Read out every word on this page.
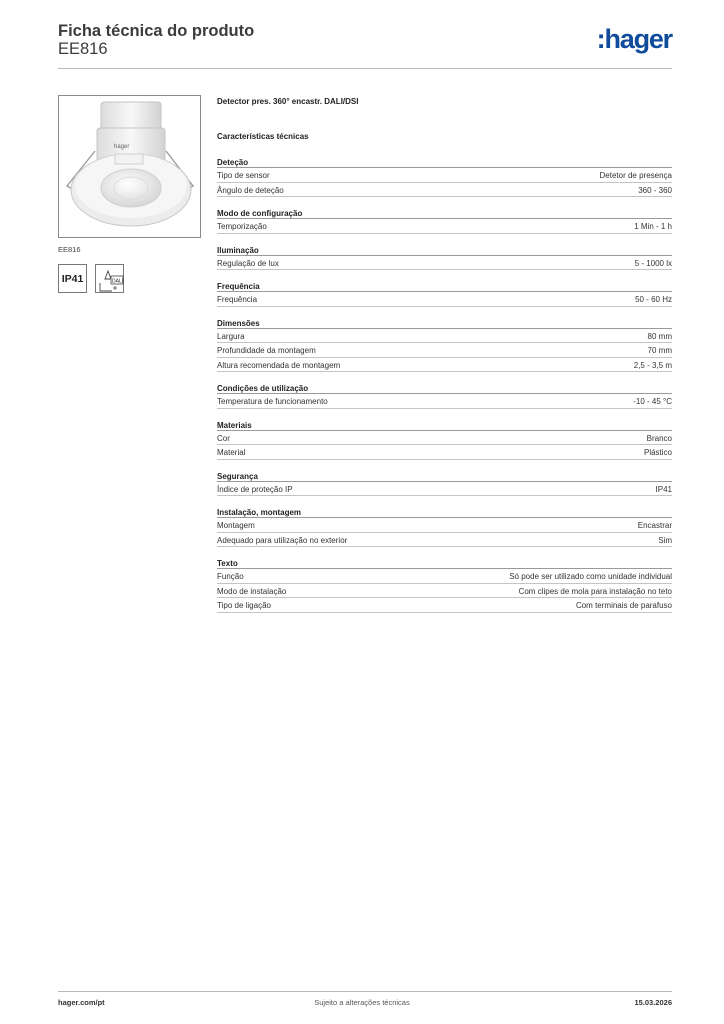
Ficha técnica do produto
EE816	:hager
hager
EE816
IP41	DALI
Detector pres. 360° encastr. DALI/DSI
Características técnicas
Deteção
Tipo de sensor	Detetor de presença
Ângulo de deteção	360 - 360
Modo de configuração
Temporização	1 Min - 1 h
Iluminação
Regulação de lux	5 - 1000 lx
Frequência
Frequência	50 - 60 Hz
Dimensões
Largura	80 mm
Profundidade da montagem	70 mm
Altura recomendada de montagem	2,5 - 3,5 m
Condições de utilização
Temperatura de funcionamento	-10 - 45 °C
Materiais
Cor	Branco
Material	Plástico
Segurança
Índice de proteção IP	IP41
Instalação, montagem
Montagem	Encastrar
Adequado para utilização no exterior	Sim
Texto
Função	Só pode ser utilizado como unidade individual
Modo de instalação	Com clipes de mola para instalação no teto
Tipo de ligação	Com terminais de parafuso
hager.com/pt	Sujeito a alterações técnicas	15.03.2026
